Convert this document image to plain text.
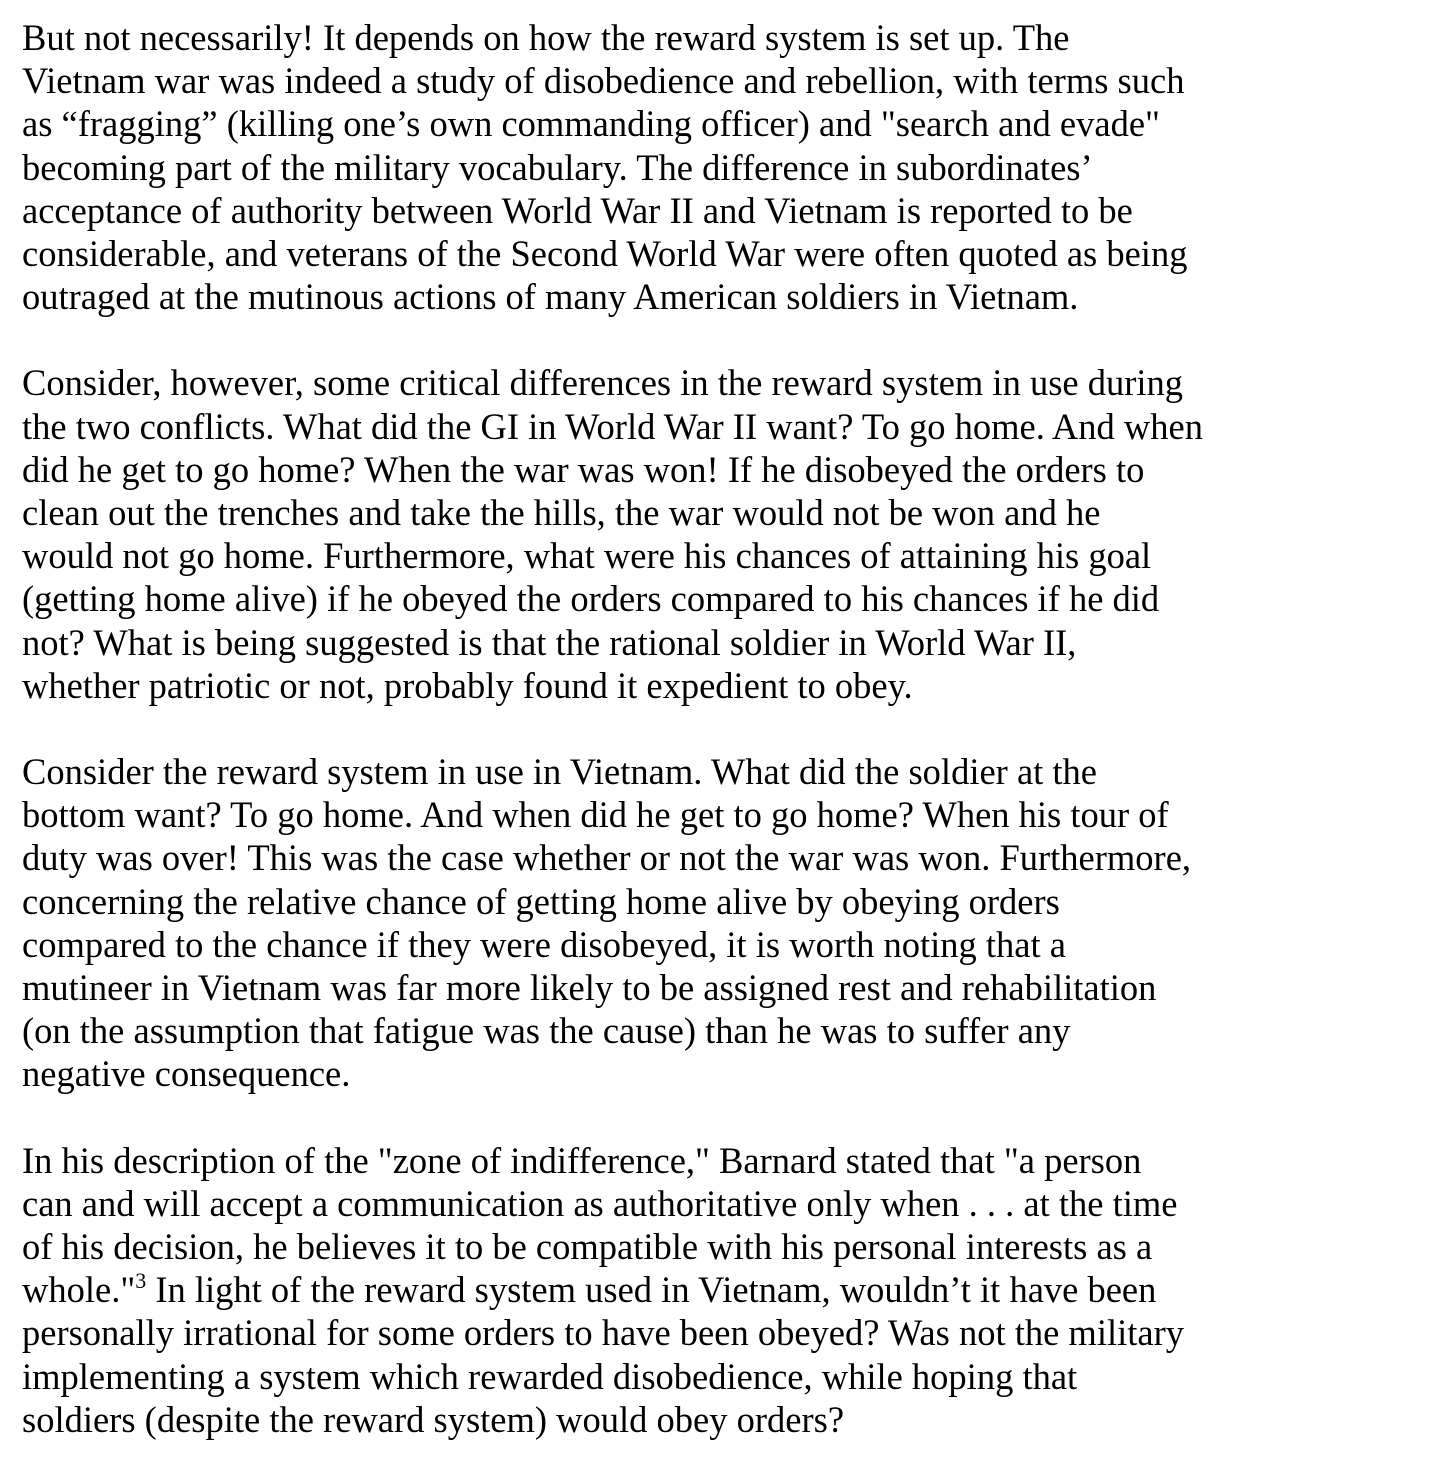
But not necessarily! It depends on how the reward system is set up. The
Vietnam war was indeed a study of disobedience and rebellion, with terms such
as “fragging” (killing one’s own commanding officer) and "search and evade"
becoming part of the military vocabulary. The difference in subordinates’
acceptance of authority between World War II and Vietnam is reported to be
considerable, and veterans of the Second World War were often quoted as being
outraged at the mutinous actions of many American soldiers in Vietnam.

Consider, however, some critical differences in the reward system in use during
the two conflicts. What did the GI in World War II want? To go home. And when
did he get to go home? When the war was won! If he disobeyed the orders to
clean out the trenches and take the hills, the war would not be won and he
would not go home. Furthermore, what were his chances of attaining his goal
(getting home alive) if he obeyed the orders compared to his chances if he did
not? What is being suggested is that the rational soldier in World War II,
whether patriotic or not, probably found it expedient to obey.

Consider the reward system in use in Vietnam. What did the soldier at the
bottom want? To go home. And when did he get to go home? When his tour of
duty was over! This was the case whether or not the war was won. Furthermore,
concerning the relative chance of getting home alive by obeying orders
compared to the chance if they were disobeyed, it is worth noting that a
mutineer in Vietnam was far more likely to be assigned rest and rehabilitation
(on the assumption that fatigue was the cause) than he was to suffer any
negative consequence.

In his description of the "zone of indifference," Barnard stated that "a person
can and will accept a communication as authoritative only when . . . at the time
of his decision, he believes it to be compatible with his personal interests as a
whole."$^3$ In light of the reward system used in Vietnam, wouldn’t it have been
personally irrational for some orders to have been obeyed? Was not the military
implementing a system which rewarded disobedience, while hoping that
soldiers (despite the reward system) would obey orders?
